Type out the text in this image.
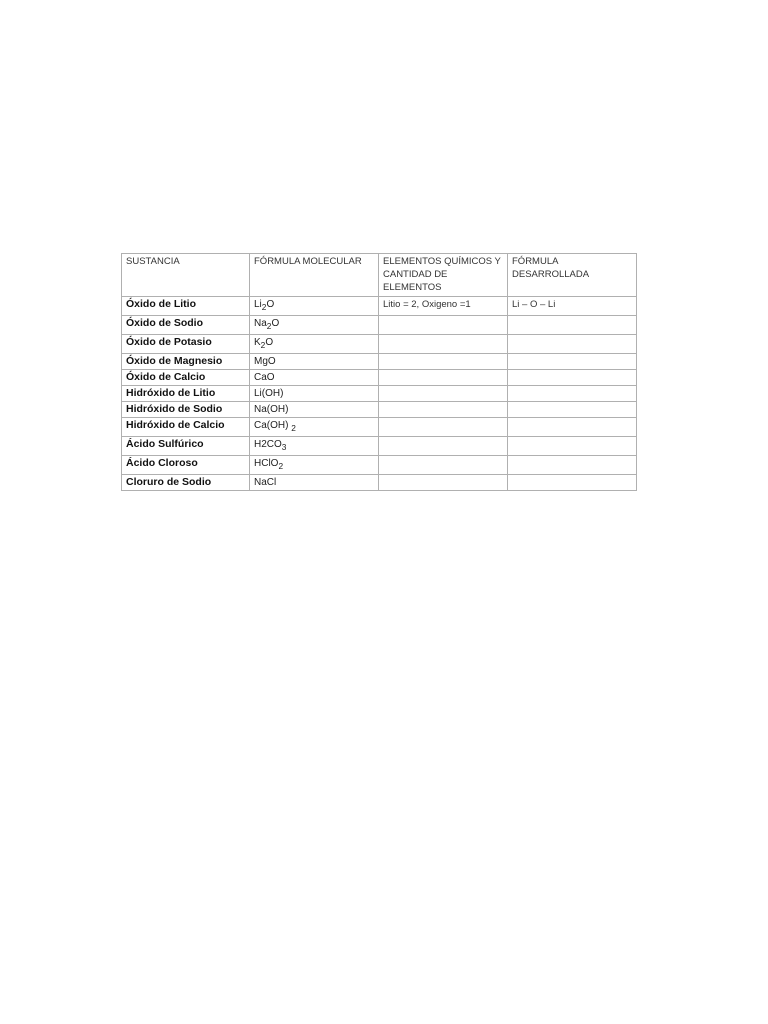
SUSTANCIA	FÓRMULA MOLECULAR	ELEMENTOS QUÍMICOS Y CANTIDAD DE ELEMENTOS	FÓRMULA DESARROLLADA
Óxido de Litio	$Li_2O$	Litio = 2, Oxigeno =1	Li – O – Li
Óxido de Sodio	$Na_2O$		
Óxido de Potasio	$K_2O$		
Óxido de Magnesio	MgO		
Óxido de Calcio	CaO		
Hidróxido de Litio	Li(OH)		
Hidróxido de Sodio	Na(OH)		
Hidróxido de Calcio	Ca(OH) $_2$		
Ácido Sulfúrico	$H2CO_3$		
Ácido Cloroso	HClO$_2$		
Cloruro de Sodio	NaCl		
